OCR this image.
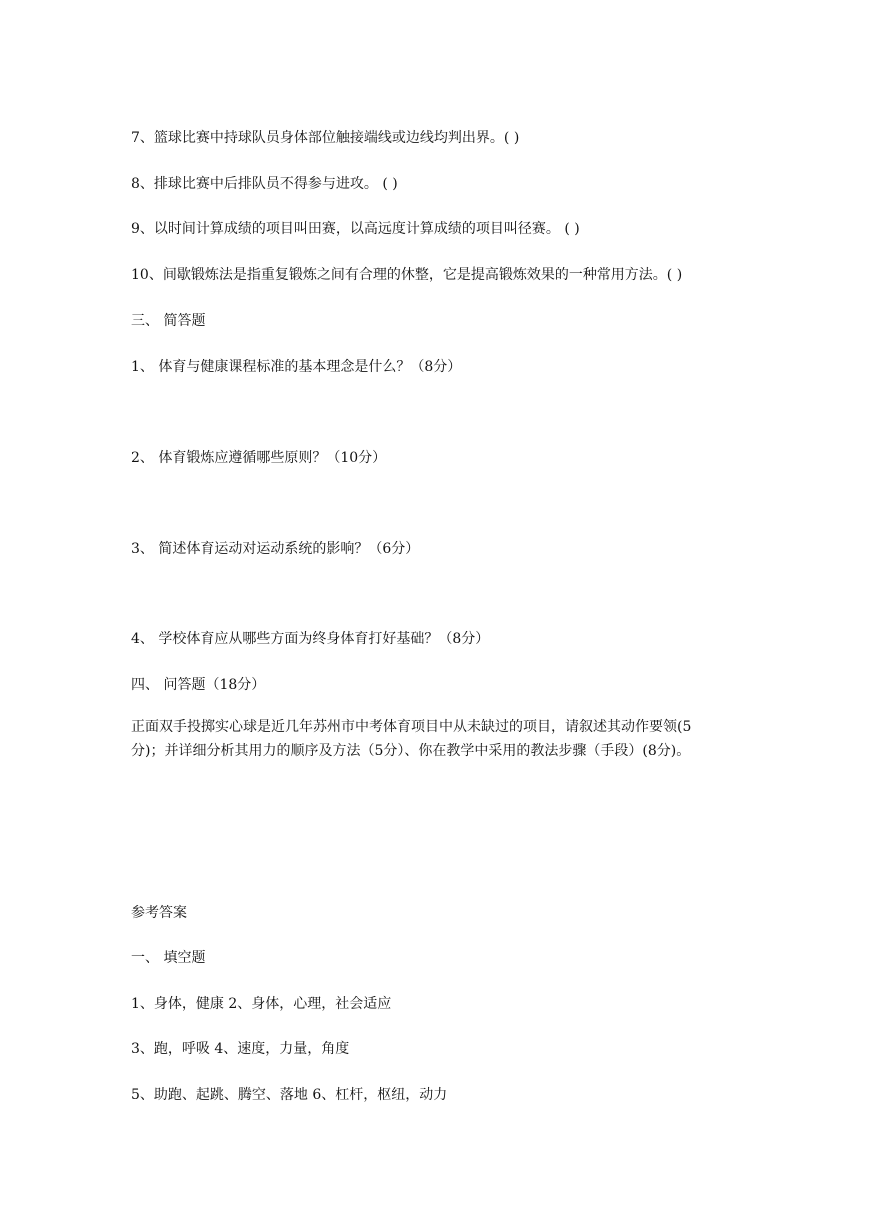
7、篮球比赛中持球队员身体部位触接端线或边线均判出界。( )
8、排球比赛中后排队员不得参与进攻。 ( )
9、以时间计算成绩的项目叫田赛，以高远度计算成绩的项目叫径赛。 ( )
10、间歇锻炼法是指重复锻炼之间有合理的休整，它是提高锻炼效果的一种常用方法。( )
三、 简答题
1、 体育与健康课程标准的基本理念是什么？（8分）
2、 体育锻炼应遵循哪些原则？（10分）
3、 简述体育运动对运动系统的影响？（6分）
4、 学校体育应从哪些方面为终身体育打好基础？（8分）
四、 问答题（18分）
正面双手投掷实心球是近几年苏州市中考体育项目中从未缺过的项目，请叙述其动作要领(5
分)；并详细分析其用力的顺序及方法（5分）、你在教学中采用的教法步骤（手段）(8分)。
参考答案
一、 填空题
1、身体，健康 2、身体，心理，社会适应
3、跑，呼吸 4、速度，力量，角度
5、助跑、起跳、腾空、落地 6、杠杆，枢纽，动力
